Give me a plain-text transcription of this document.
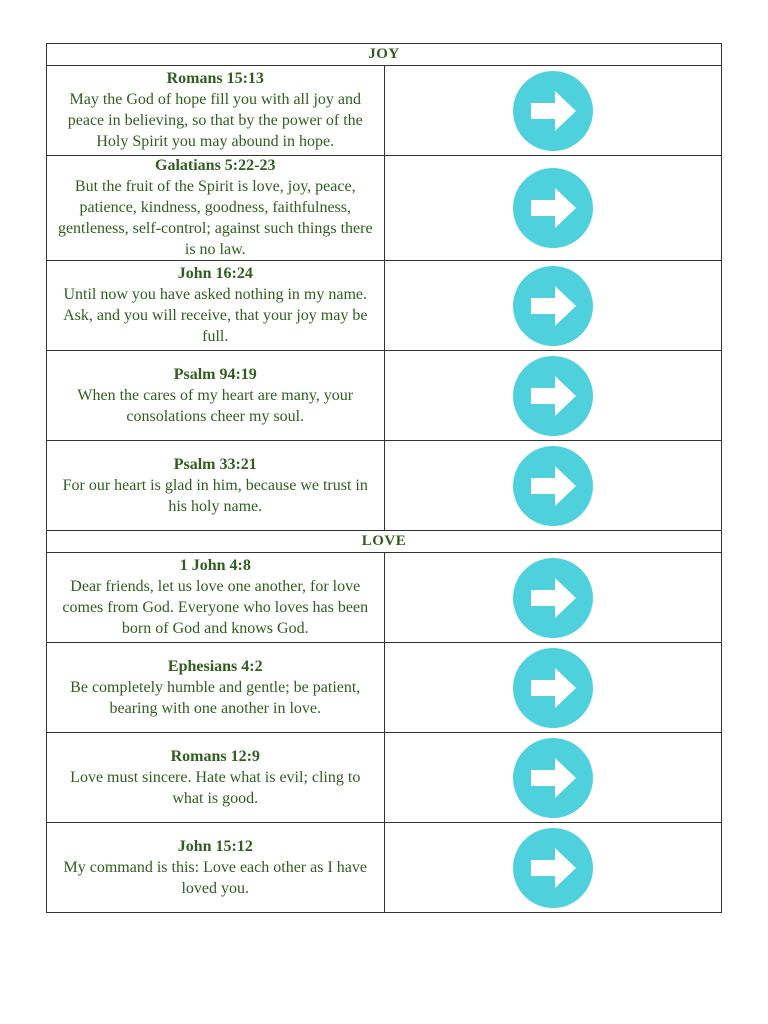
JOY	

Romans 15:13
May the God of hope fill you with all joy and peace in believing, so that by the power of the Holy Spirit you may abound in hope.

Galatians 5:22-23
But the fruit of the Spirit is love, joy, peace, patience, kindness, goodness, faithfulness, gentleness, self-control; against such things there is no law.

John 16:24
Until now you have asked nothing in my name. Ask, and you will receive, that your joy may be full.

Psalm 94:19
When the cares of my heart are many, your consolations cheer my soul.

Psalm 33:21
For our heart is glad in him, because we trust in his holy name.

LOVE	

1 John 4:8
Dear friends, let us love one another, for love comes from God. Everyone who loves has been born of God and knows God.

Ephesians 4:2
Be completely humble and gentle; be patient, bearing with one another in love.

Romans 12:9
Love must sincere. Hate what is evil; cling to what is good.

John 15:12
My command is this: Love each other as I have loved you.
